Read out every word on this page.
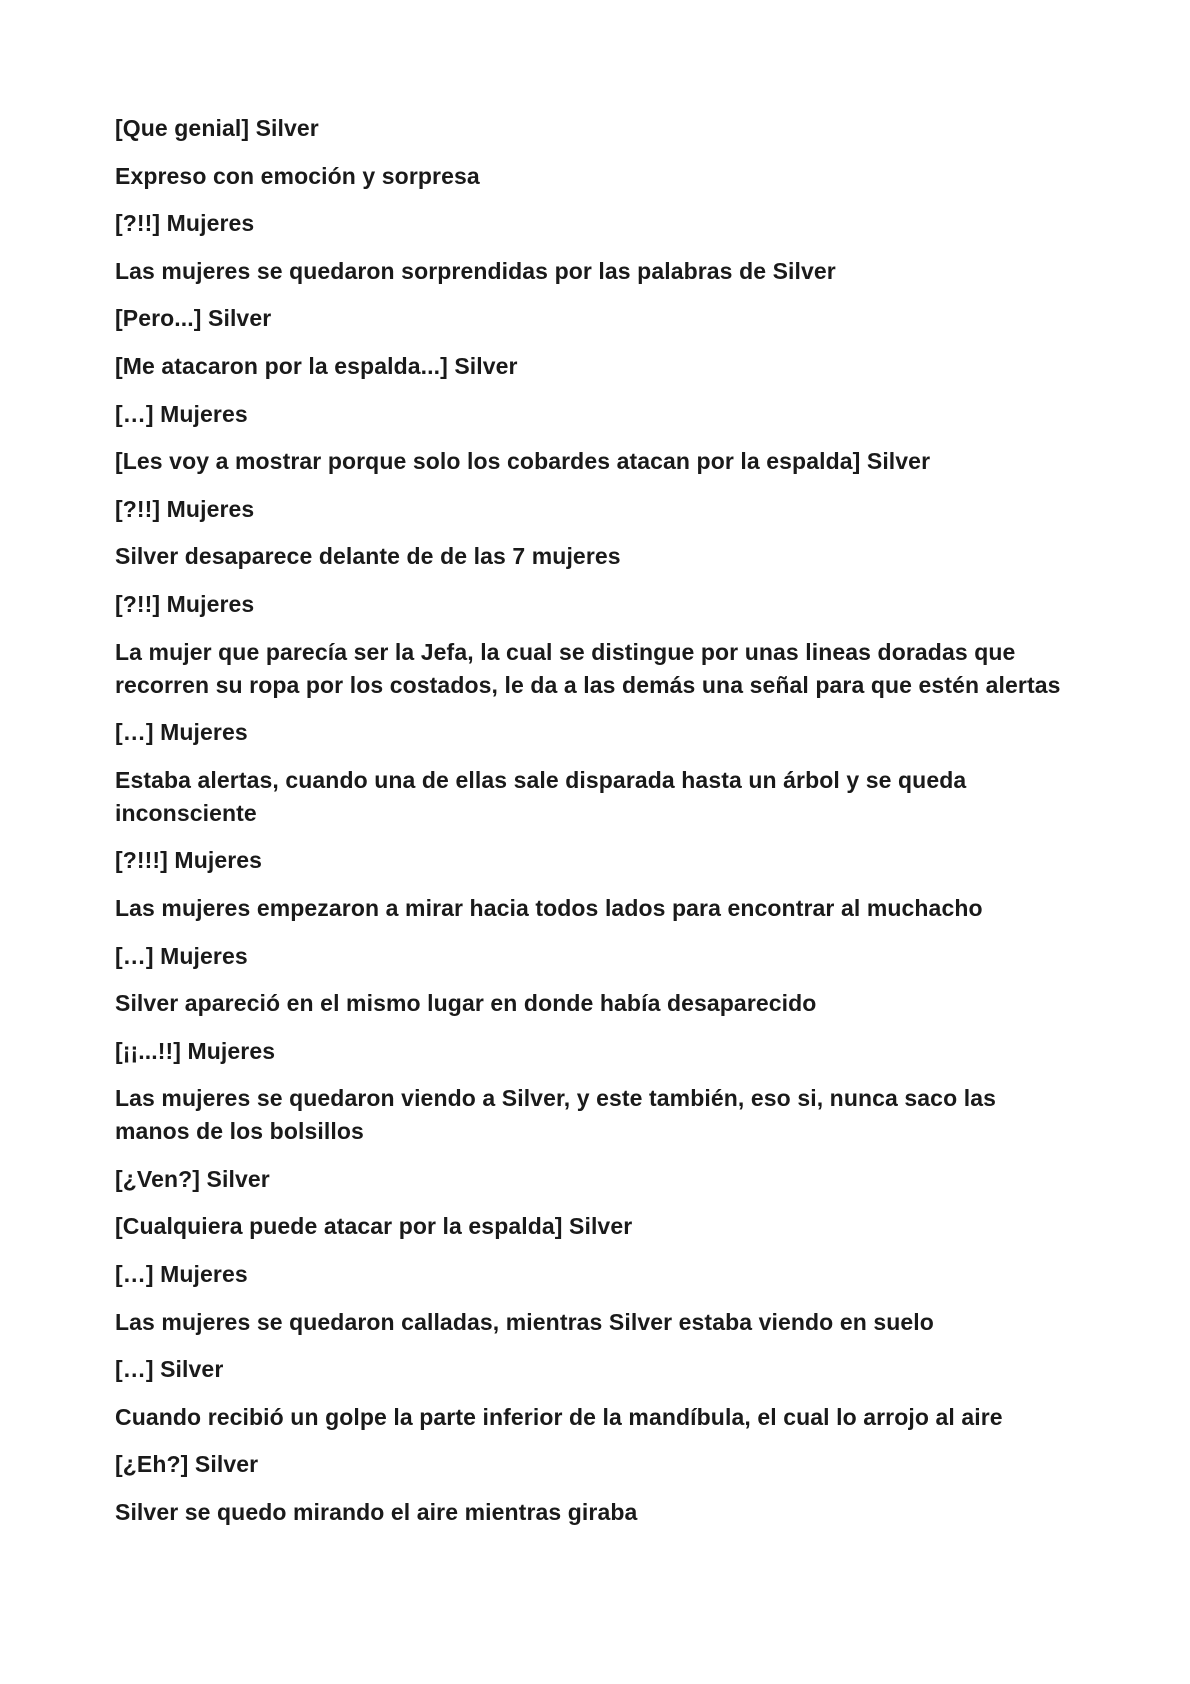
[Que genial] Silver

Expreso con emoción y sorpresa

[?!!] Mujeres

Las mujeres se quedaron sorprendidas por las palabras de Silver

[Pero...] Silver

[Me atacaron por la espalda...] Silver

[…] Mujeres

[Les voy a mostrar porque solo los cobardes atacan por la espalda] Silver

[?!!] Mujeres

Silver desaparece delante de de las 7 mujeres

[?!!] Mujeres

La mujer que parecía ser la Jefa, la cual se distingue por unas lineas doradas que recorren su ropa por los costados, le da a las demás una señal para que estén alertas

[…] Mujeres

Estaba alertas, cuando una de ellas sale disparada hasta un árbol y se queda inconsciente

[?!!!] Mujeres

Las mujeres empezaron a mirar hacia todos lados para encontrar al muchacho

[…] Mujeres

Silver apareció en el mismo lugar en donde había desaparecido

[¡¡...!!] Mujeres

Las mujeres se quedaron viendo a Silver, y este también, eso si, nunca saco las manos de los bolsillos

[¿Ven?] Silver

[Cualquiera puede atacar por la espalda] Silver

[…] Mujeres

Las mujeres se quedaron calladas, mientras Silver estaba viendo en suelo

[…] Silver

Cuando recibió un golpe la parte inferior de la mandíbula, el cual lo arrojo al aire

[¿Eh?] Silver

Silver se quedo mirando el aire mientras giraba
